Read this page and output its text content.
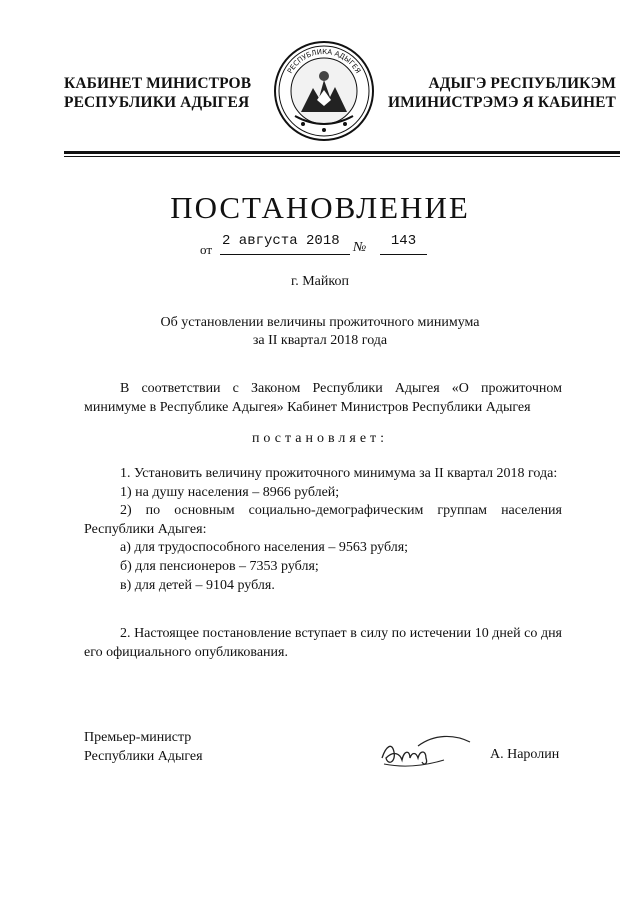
КАБИНЕТ МИНИСТРОВ
РЕСПУБЛИКИ АДЫГЕЯ
РЕСПУБЛИКА АДЫГЕЯ
АДЫГЭ РЕСПУБЛИКЭМ
ИМИНИСТРЭМЭ Я КАБИНЕТ
ПОСТАНОВЛЕНИЕ
от
2 августа 2018 №	143
г. Майкоп
Об установлении величины прожиточного минимума
за II квартал 2018 года
В соответствии с Законом Республики Адыгея «О прожиточном минимуме в Республике Адыгея» Кабинет Министров Республики Адыгея
постановляет:
1. Установить величину прожиточного минимума за II квартал 2018 года:
1) на душу населения – 8966 рублей;
2) по основным социально-демографическим группам населения Республики Адыгея:
а) для трудоспособного населения – 9563 рубля;
б) для пенсионеров – 7353 рубля;
в) для детей – 9104 рубля.
2. Настоящее постановление вступает в силу по истечении 10 дней со дня его официального опубликования.
Премьер-министр
Республики Адыгея	А. Наролин
